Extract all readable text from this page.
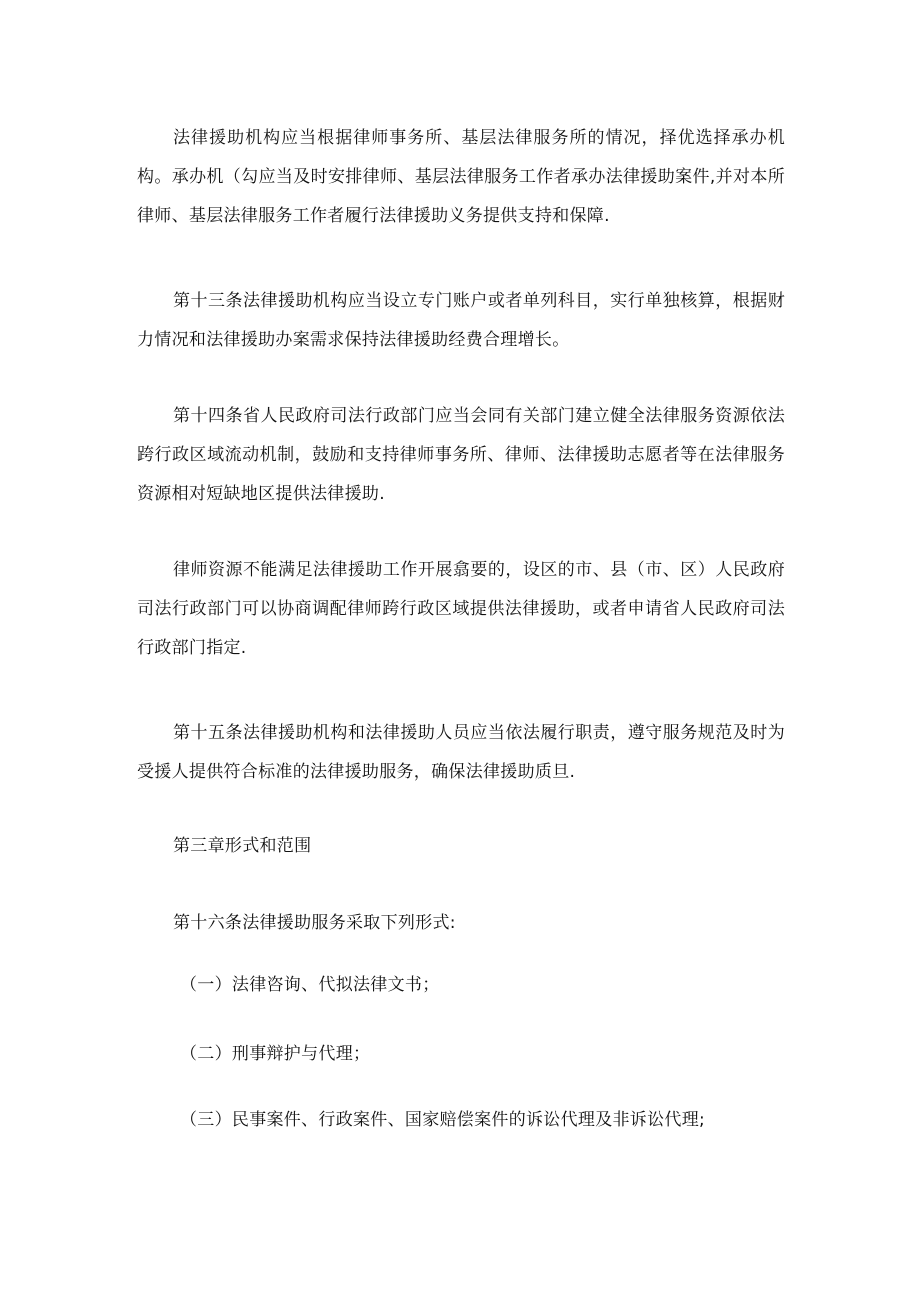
法律援助机构应当根据律师事务所、基层法律服务所的情况，择优选择承办机构。承办机（勾应当及时安排律师、基层法律服务工作者承办法律援助案件,并对本所律师、基层法律服务工作者履行法律援助义务提供支持和保障.

第十三条法律援助机构应当设立专门账户或者单列科目，实行单独核算，根据财力情况和法律援助办案需求保持法律援助经费合理增长。

第十四条省人民政府司法行政部门应当会同有关部门建立健全法律服务资源依法跨行政区域流动机制，鼓励和支持律师事务所、律师、法律援助志愿者等在法律服务资源相对短缺地区提供法律援助.

律师资源不能满足法律援助工作开展翕要的，设区的市、县（市、区）人民政府司法行政部门可以协商调配律师跨行政区域提供法律援助，或者申请省人民政府司法行政部门指定.

第十五条法律援助机构和法律援助人员应当依法履行职责，遵守服务规范及时为受援人提供符合标准的法律援助服务，确保法律援助质旦.

第三章形式和范围

第十六条法律援助服务采取下列形式:

（一）法律咨询、代拟法律文书；

（二）刑事辩护与代理；

（三）民事案件、行政案件、国家赔偿案件的诉讼代理及非诉讼代理;
